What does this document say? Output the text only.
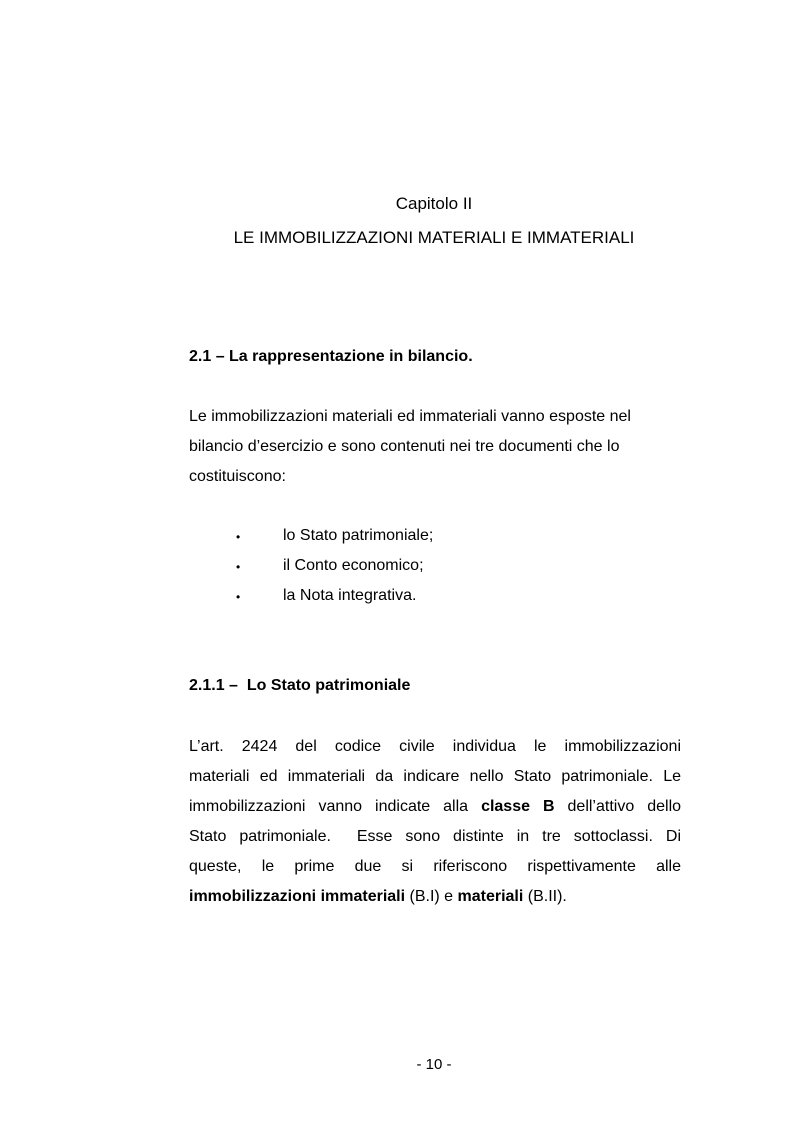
Capitolo II

LE IMMOBILIZZAZIONI MATERIALI E IMMATERIALI
2.1 – La rappresentazione in bilancio.

Le immobilizzazioni materiali ed immateriali vanno esposte nel
bilancio d’esercizio e sono contenuti nei tre documenti che lo
costituiscono:

•	lo Stato patrimoniale;
•	il Conto economico;
•	la Nota integrativa.
2.1.1 –  Lo Stato patrimoniale

L’art. 2424 del codice civile individua le immobilizzazioni
materiali ed immateriali da indicare nello Stato patrimoniale. Le
immobilizzazioni vanno indicate alla classe B dell’attivo dello
Stato patrimoniale.  Esse sono distinte in tre sottoclassi. Di
queste, le prime due si riferiscono rispettivamente alle
immobilizzazioni immateriali (B.I) e materiali (B.II).

- 10 -
